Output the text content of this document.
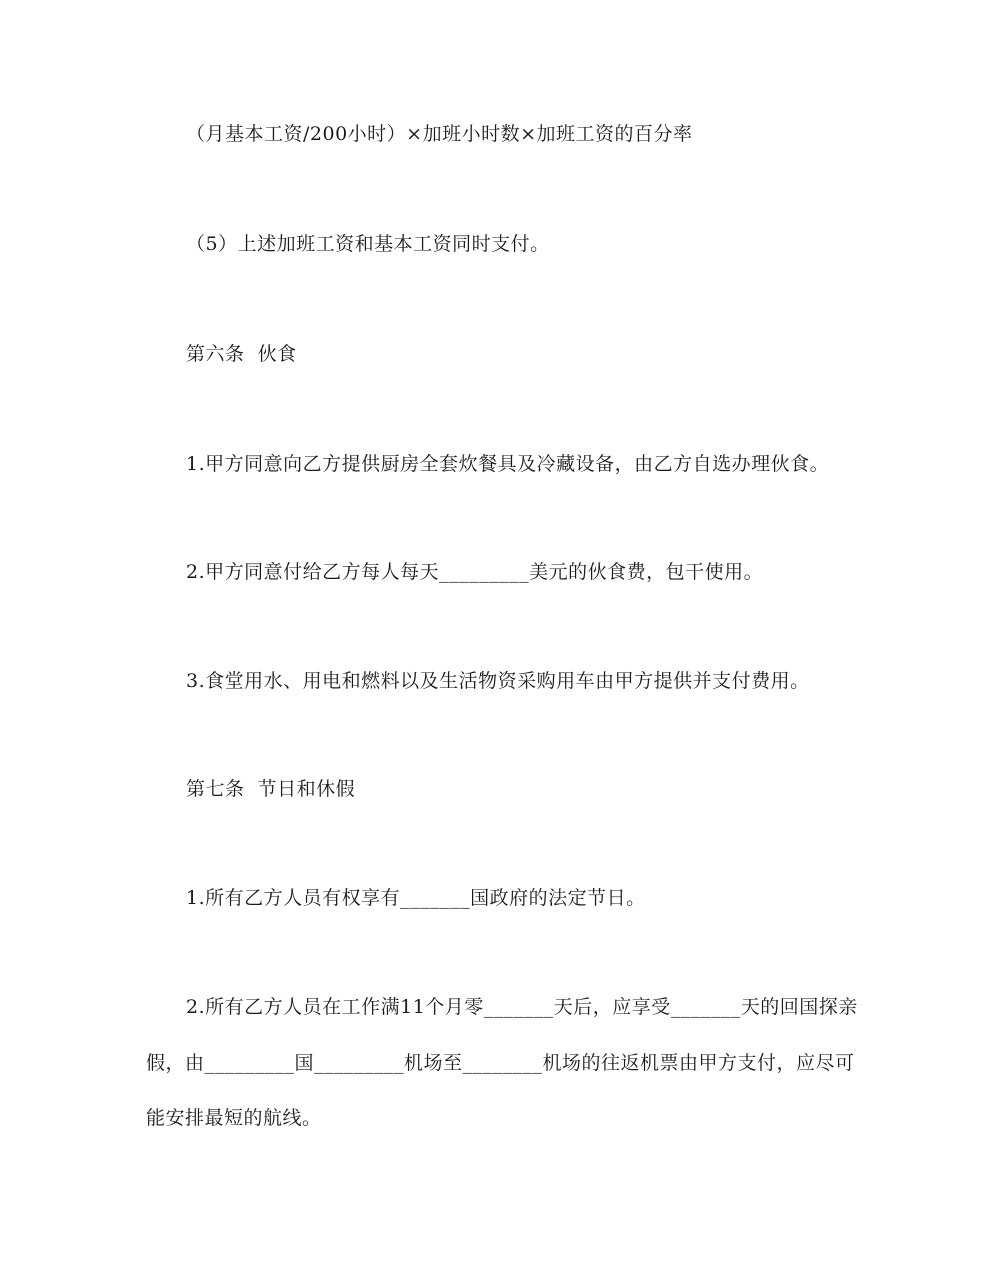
（月基本工资/200小时）×加班小时数×加班工资的百分率
（5）上述加班工资和基本工资同时支付。
第六条  伙食
1.甲方同意向乙方提供厨房全套炊餐具及冷藏设备，由乙方自选办理伙食。
2.甲方同意付给乙方每人每天_________美元的伙食费，包干使用。
3.食堂用水、用电和燃料以及生活物资采购用车由甲方提供并支付费用。
第七条  节日和休假
1.所有乙方人员有权享有_______国政府的法定节日。
2.所有乙方人员在工作满11个月零_______天后，应享受_______天的回国探亲
假，由_________国_________机场至________机场的往返机票由甲方支付，应尽可
能安排最短的航线。
